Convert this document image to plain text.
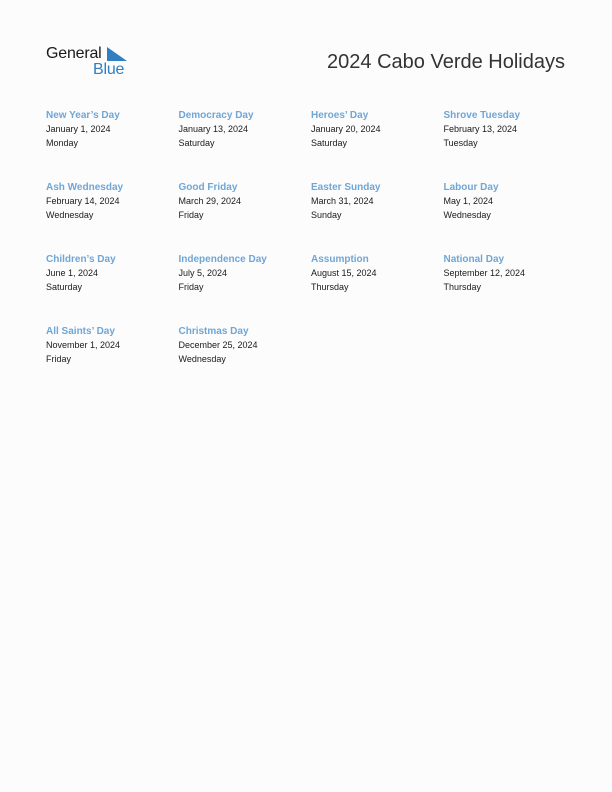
General
Blue	2024 Cabo Verde Holidays
New Year’s Day
January 1, 2024
Monday
Democracy Day
January 13, 2024
Saturday
Heroes’ Day
January 20, 2024
Saturday
Shrove Tuesday
February 13, 2024
Tuesday
Ash Wednesday
February 14, 2024
Wednesday
Good Friday
March 29, 2024
Friday
Easter Sunday
March 31, 2024
Sunday
Labour Day
May 1, 2024
Wednesday
Children’s Day
June 1, 2024
Saturday
Independence Day
July 5, 2024
Friday
Assumption
August 15, 2024
Thursday
National Day
September 12, 2024
Thursday
All Saints’ Day
November 1, 2024
Friday
Christmas Day
December 25, 2024
Wednesday
